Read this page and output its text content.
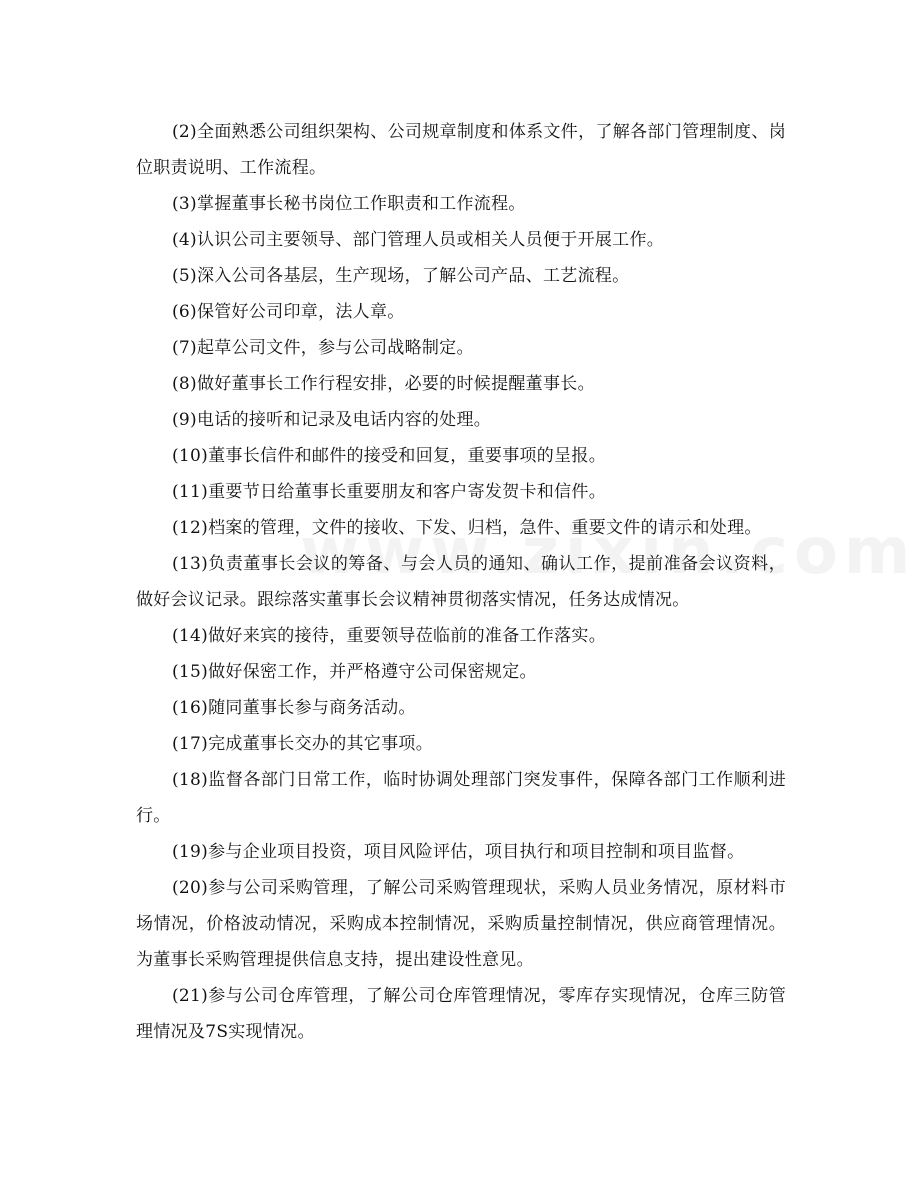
(2)全面熟悉公司组织架构、公司规章制度和体系文件，了解各部门管理制度、岗位职责说明、工作流程。

(3)掌握董事长秘书岗位工作职责和工作流程。

(4)认识公司主要领导、部门管理人员或相关人员便于开展工作。

(5)深入公司各基层，生产现场，了解公司产品、工艺流程。

(6)保管好公司印章，法人章。

(7)起草公司文件，参与公司战略制定。

(8)做好董事长工作行程安排，必要的时候提醒董事长。

(9)电话的接听和记录及电话内容的处理。

(10)董事长信件和邮件的接受和回复，重要事项的呈报。

(11)重要节日给董事长重要朋友和客户寄发贺卡和信件。

(12)档案的管理，文件的接收、下发、归档，急件、重要文件的请示和处理。

(13)负责董事长会议的筹备、与会人员的通知、确认工作，提前准备会议资料，做好会议记录。跟综落实董事长会议精神贯彻落实情况，任务达成情况。

(14)做好来宾的接待，重要领导莅临前的准备工作落实。

(15)做好保密工作，并严格遵守公司保密规定。

(16)随同董事长参与商务活动。

(17)完成董事长交办的其它事项。

(18)监督各部门日常工作，临时协调处理部门突发事件，保障各部门工作顺利进行。

(19)参与企业项目投资，项目风险评估，项目执行和项目控制和项目监督。

(20)参与公司采购管理，了解公司采购管理现状，采购人员业务情况，原材料市场情况，价格波动情况，采购成本控制情况，采购质量控制情况，供应商管理情况。为董事长采购管理提供信息支持，提出建设性意见。

(21)参与公司仓库管理，了解公司仓库管理情况，零库存实现情况，仓库三防管理情况及7S实现情况。
